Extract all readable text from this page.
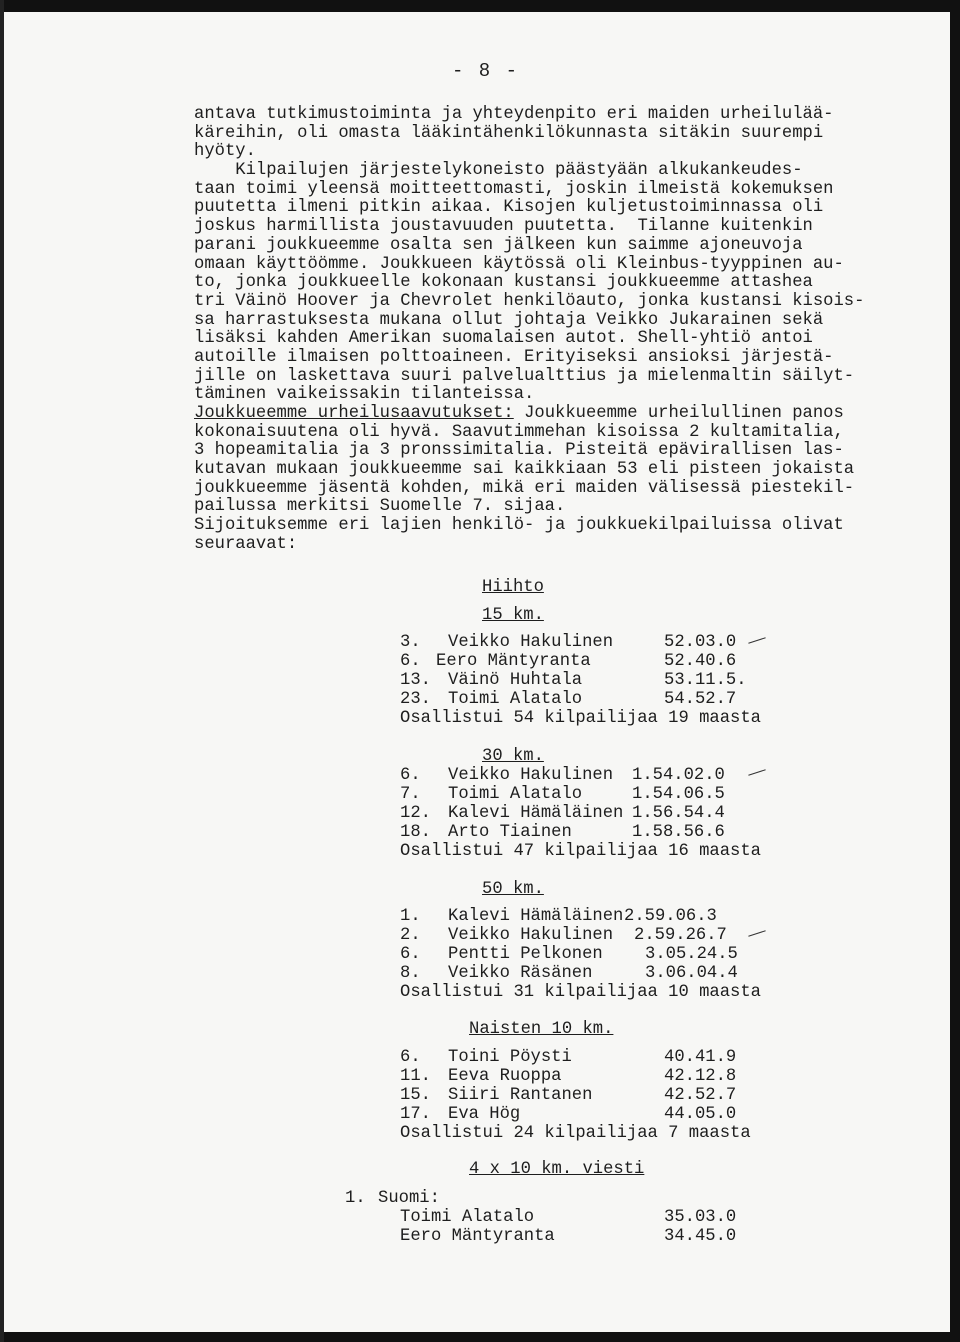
- 8 -
antava tutkimustoiminta ja yhteydenpito eri maiden urheilulää-
käreihin, oli omasta lääkintähenkilökunnasta sitäkin suurempi
hyöty.
Kilpailujen järjestelykoneisto päästyään alkukankeudes-
taan toimi yleensä moitteettomasti, joskin ilmeistä kokemuksen
puutetta ilmeni pitkin aikaa. Kisojen kuljetustoiminnassa oli
joskus harmillista joustavuuden puutetta.  Tilanne kuitenkin
parani joukkueemme osalta sen jälkeen kun saimme ajoneuvoja
omaan käyttöömme. Joukkueen käytössä oli Kleinbus-tyyppinen au-
to, jonka joukkueelle kokonaan kustansi joukkueemme attashea
tri Väinö Hoover ja Chevrolet henkilöauto, jonka kustansi kisois-
sa harrastuksesta mukana ollut johtaja Veikko Jukarainen sekä
lisäksi kahden Amerikan suomalaisen autot. Shell-yhtiö antoi
autoille ilmaisen polttoaineen. Erityiseksi ansioksi järjestä-
jille on laskettava suuri palvelualttius ja mielenmaltin säilyt-
täminen vaikeissakin tilanteissa.
Joukkueemme urheilusaavutukset: Joukkueemme urheilullinen panos
kokonaisuutena oli hyvä. Saavutimmehan kisoissa 2 kultamitalia,
3 hopeamitalia ja 3 pronssimitalia. Pisteitä epävirallisen las-
kutavan mukaan joukkueemme sai kaikkiaan 53 eli pisteen jokaista
joukkueemme jäsentä kohden, mikä eri maiden välisessä piestekil-
pailussa merkitsi Suomelle 7. sijaa.
Sijoituksemme eri lajien henkilö- ja joukkuekilpailuissa olivat
seuraavat:
Hiihto
15 km.
3. Veikko Hakulinen	52.03.0
6. Eero Mäntyranta	52.40.6
13. Väinö Huhtala	53.11.5.
23. Toimi Alatalo	54.52.7
Osallistui 54 kilpailijaa 19 maasta
30 km.
6. Veikko Hakulinen 1.54.02.0
7. Toimi Alatalo	1.54.06.5
12. Kalevi Hämäläinen 1.56.54.4
18. Arto Tiainen	1.58.56.6
Osallistui 47 kilpailijaa 16 maasta
50 km.
1. Kalevi Hämäläinen 2.59.06.3
2. Veikko Hakulinen 2.59.26.7
6. Pentti Pelkonen 3.05.24.5
8. Veikko Räsänen	3.06.04.4
Osallistui 31 kilpailijaa 10 maasta
Naisten 10 km.
6. Toini Pöysti	40.41.9
11. Eeva Ruoppa	42.12.8
15. Siiri Rantanen	42.52.7
17. Eva Hög	44.05.0
Osallistui 24 kilpailijaa 7 maasta
4 x 10 km. viesti
1. Suomi:
Toimi Alatalo	35.03.0
Eero Mäntyranta	34.45.0
